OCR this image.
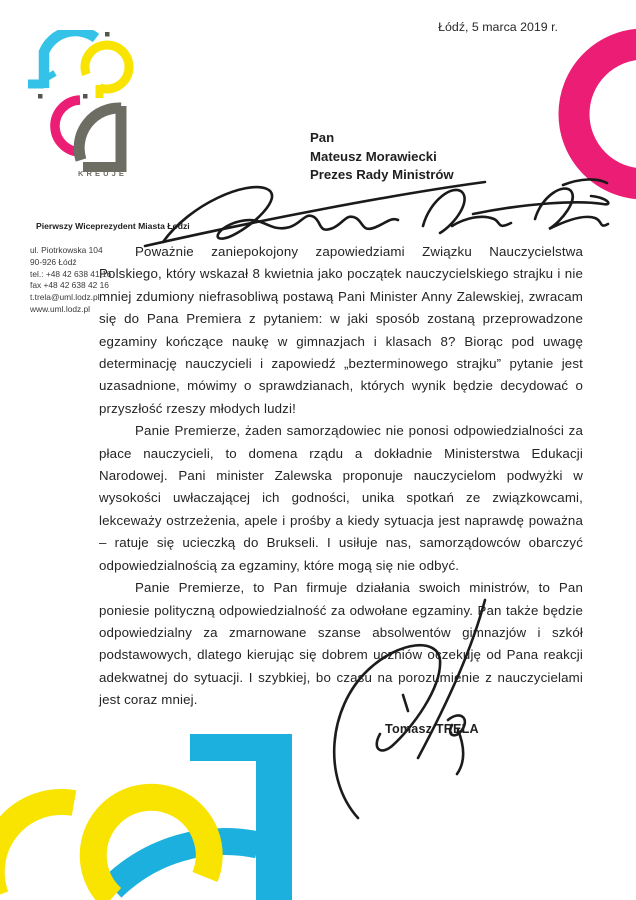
Łódź, 5 marca 2019 r.
KREUJE
Pierwszy Wiceprezydent Miasta Łodzi
ul. Piotrkowska 104
90-926 Łódź
tel.: +48 42 638 41 16
fax +48 42 638 42 16
t.trela@uml.lodz.pl
www.uml.lodz.pl
Pan
Mateusz Morawiecki
Prezes Rady Ministrów

Poważnie zaniepokojony zapowiedziami Związku Nauczycielstwa Polskiego, który wskazał 8 kwietnia jako początek nauczycielskiego strajku i nie mniej zdumiony niefrasobliwą postawą Pani Minister Anny Zalewskiej, zwracam się do Pana Premiera z pytaniem: w jaki sposób zostaną przeprowadzone egzaminy kończące naukę w gimnazjach i klasach 8? Biorąc pod uwagę determinację nauczycieli i zapowiedź „bezterminowego strajku” pytanie jest uzasadnione, mówimy o sprawdzianach, których wynik będzie decydować o przyszłość rzeszy młodych ludzi!

Panie Premierze, żaden samorządowiec nie ponosi odpowiedzialności za płace nauczycieli, to domena rządu a dokładnie Ministerstwa Edukacji Narodowej. Pani minister Zalewska proponuje nauczycielom podwyżki w wysokości uwłaczającej ich godności, unika spotkań ze związkowcami, lekceważy ostrzeżenia, apele i prośby a kiedy sytuacja jest naprawdę poważna – ratuje się ucieczką do Brukseli. I usiłuje nas, samorządowców obarczyć odpowiedzialnością za egzaminy, które mogą się nie odbyć.

Panie Premierze, to Pan firmuje działania swoich ministrów, to Pan poniesie polityczną odpowiedzialność za odwołane egzaminy. Pan także będzie odpowiedzialny za zmarnowane szanse absolwentów gimnazjów i szkół podstawowych, dlatego kierując się dobrem uczniów oczekuję od Pana reakcji adekwatnej do sytuacji. I szybkiej, bo czasu na porozumienie z nauczycielami jest coraz mniej.

Tomasz TRELA
